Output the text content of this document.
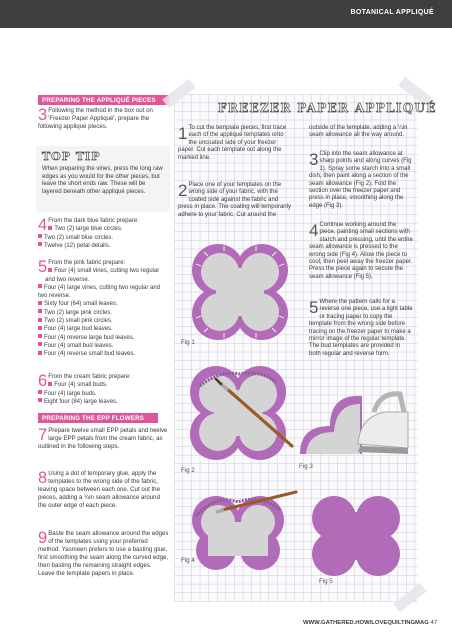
BOTANICAL APPLIQUÉ
PREPARING THE APPLIQUÉ PIECES
3 Following the method in the box out on 'Freezer Paper Appliqué', prepare the following appliqué pieces.
TOP TIP
When preparing the vines, press the long raw edges as you would for the other pieces, but leave the short ends raw. These will be layered beneath other appliqué pieces.
4 From the dark blue fabric prepare:
Two (2) large blue circles.
Two (2) small blue circles.
Twelve (12) petal details.
5 From the pink fabric prepare:
Four (4) small vines, cutting two regular and two reverse.
Four (4) large vines, cutting two regular and two reverse.
Sixty four (64) small leaves.
Two (2) large pink circles.
Two (2) small pink circles.
Four (4) large bud leaves.
Four (4) reverse large bud leaves.
Four (4) small bud leaves.
Four (4) reverse small bud leaves.
6 From the cream fabric prepare:
Four (4) small buds.
Four (4) large buds.
Eight four (84) large leaves.
PREPARING THE EPP FLOWERS
7 Prepare twelve small EPP petals and twelve large EPP petals from the cream fabric, as outlined in the following steps.
8 Using a dot of temporary glue, apply the templates to the wrong side of the fabric, leaving space between each one. Cut out the pieces, adding a ¼in seam allowance around the outer edge of each piece.
9 Baste the seam allowance around the edges of the templates using your preferred method. Yasmeen prefers to use a basting glue, first smoothing the seam along the curved edge, then basting the remaining straight edges. Leave the template papers in place.
FREEZER PAPER APPLIQUÉ
1 To cut the template pieces, first trace each of the appliqué templates onto the uncoated side of your freezer paper. Cut each template out along the marked line.
2 Place one of your templates on the wrong side of your fabric, with the coated side against the fabric and press in place. The coating will temporarily adhere to your fabric. Cut around the
outside of the template, adding a ¼in seam allowance all the way around.
3 Clip into the seam allowance at sharp points and along curves (Fig 1). Spray some starch into a small dish, then paint along a section of the seam allowance (Fig 2). Fold the section over the freezer paper and press in place, smoothing along the edge (Fig 3).
4 Continue working around the piece, painting small sections with starch and pressing, until the entire seam allowance is pressed to the wrong side (Fig 4). Allow the piece to cool, then peel away the freezer paper. Press the piece again to secure the seam allowance (Fig 5).
5 Where the pattern calls for a reverse one piece, use a light table or tracing paper to copy the template from the wrong side before tracing on the freezer paper to make a mirror image of the regular template. The bud templates are provided in both regular and reverse form.
Fig 1
Fig 2
Fig 3
Fig 4
Fig 5
WWW.GATHERED.HOW/LOVEQUILTINGMAG 47
